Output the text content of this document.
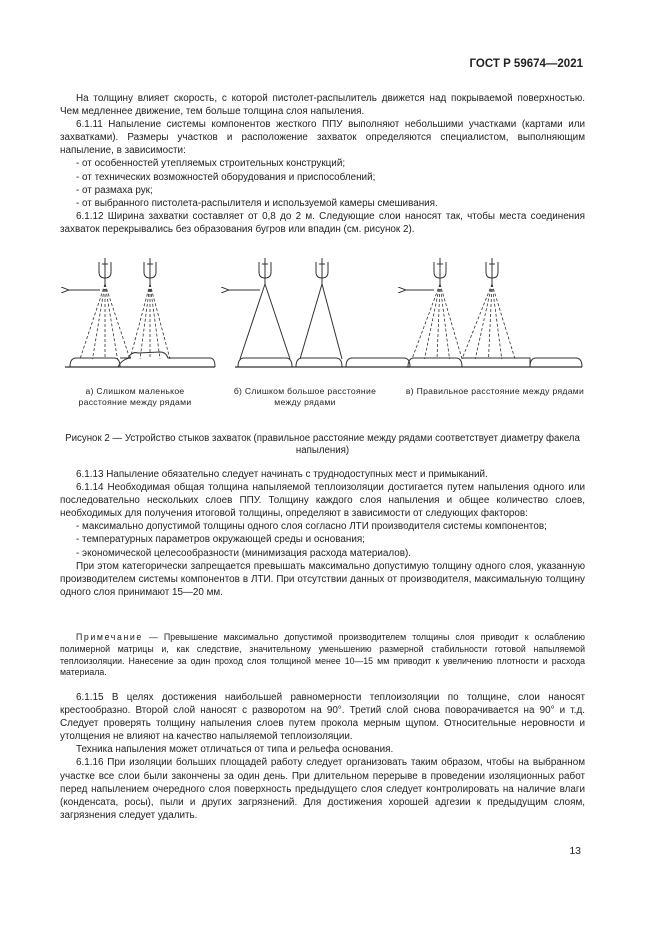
ГОСТ Р 59674—2021

На толщину влияет скорость, с которой пистолет-распылитель движется над покрываемой поверхностью. Чем медленнее движение, тем больше толщина слоя напыления.

6.1.11 Напыление системы компонентов жесткого ППУ выполняют небольшими участками (картами или захватками). Размеры участков и расположение захваток определяются специалистом, выполняющим напыление, в зависимости:

- от особенностей утепляемых строительных конструкций;

- от технических возможностей оборудования и приспособлений;

- от размаха рук;

- от выбранного пистолета-распылителя и используемой камеры смешивания.

6.1.12 Ширина захватки составляет от 0,8 до 2 м. Следующие слои наносят так, чтобы места соединения захваток перекрывались без образования бугров или впадин (см. рисунок 2).

а) Слишком маленькое расстояние между рядами
б) Слишком большое расстояние между рядами
в) Правильное расстояние между рядами
Рисунок 2 — Устройство стыков захваток (правильное расстояние между рядами соответствует диаметру факела напыления)

6.1.13 Напыление обязательно следует начинать с труднодоступных мест и примыканий.

6.1.14 Необходимая общая толщина напыляемой теплоизоляции достигается путем напыления одного или последовательно нескольких слоев ППУ. Толщину каждого слоя напыления и общее количество слоев, необходимых для получения итоговой толщины, определяют в зависимости от следующих факторов:

- максимально допустимой толщины одного слоя согласно ЛТИ производителя системы компонентов;

- температурных параметров окружающей среды и основания;

- экономической целесообразности (минимизация расхода материалов).

При этом категорически запрещается превышать максимально допустимую толщину одного слоя, указанную производителем системы компонентов в ЛТИ. При отсутствии данных от производителя, максимальную толщину одного слоя принимают 15—20 мм.

Примечание — Превышение максимально допустимой производителем толщины слоя приводит к ослаблению полимерной матрицы и, как следствие, значительному уменьшению размерной стабильности готовой напыляемой теплоизоляции. Нанесение за один проход слоя толщиной менее 10—15 мм приводит к увеличению плотности и расхода материала.

6.1.15 В целях достижения наибольшей равномерности теплоизоляции по толщине, слои наносят крестообразно. Второй слой наносят с разворотом на 90°. Третий слой снова поворачивается на 90° и т.д. Следует проверять толщину напыления слоев путем прокола мерным щупом. Относительные неровности и утолщения не влияют на качество напыляемой теплоизоляции.

Техника напыления может отличаться от типа и рельефа основания.

6.1.16 При изоляции больших площадей работу следует организовать таким образом, чтобы на выбранном участке все слои были закончены за один день. При длительном перерыве в проведении изоляционных работ перед напылением очередного слоя поверхность предыдущего слоя следует контролировать на наличие влаги (конденсата, росы), пыли и других загрязнений. Для достижения хорошей адгезии к предыдущим слоям, загрязнения следует удалить.

13
